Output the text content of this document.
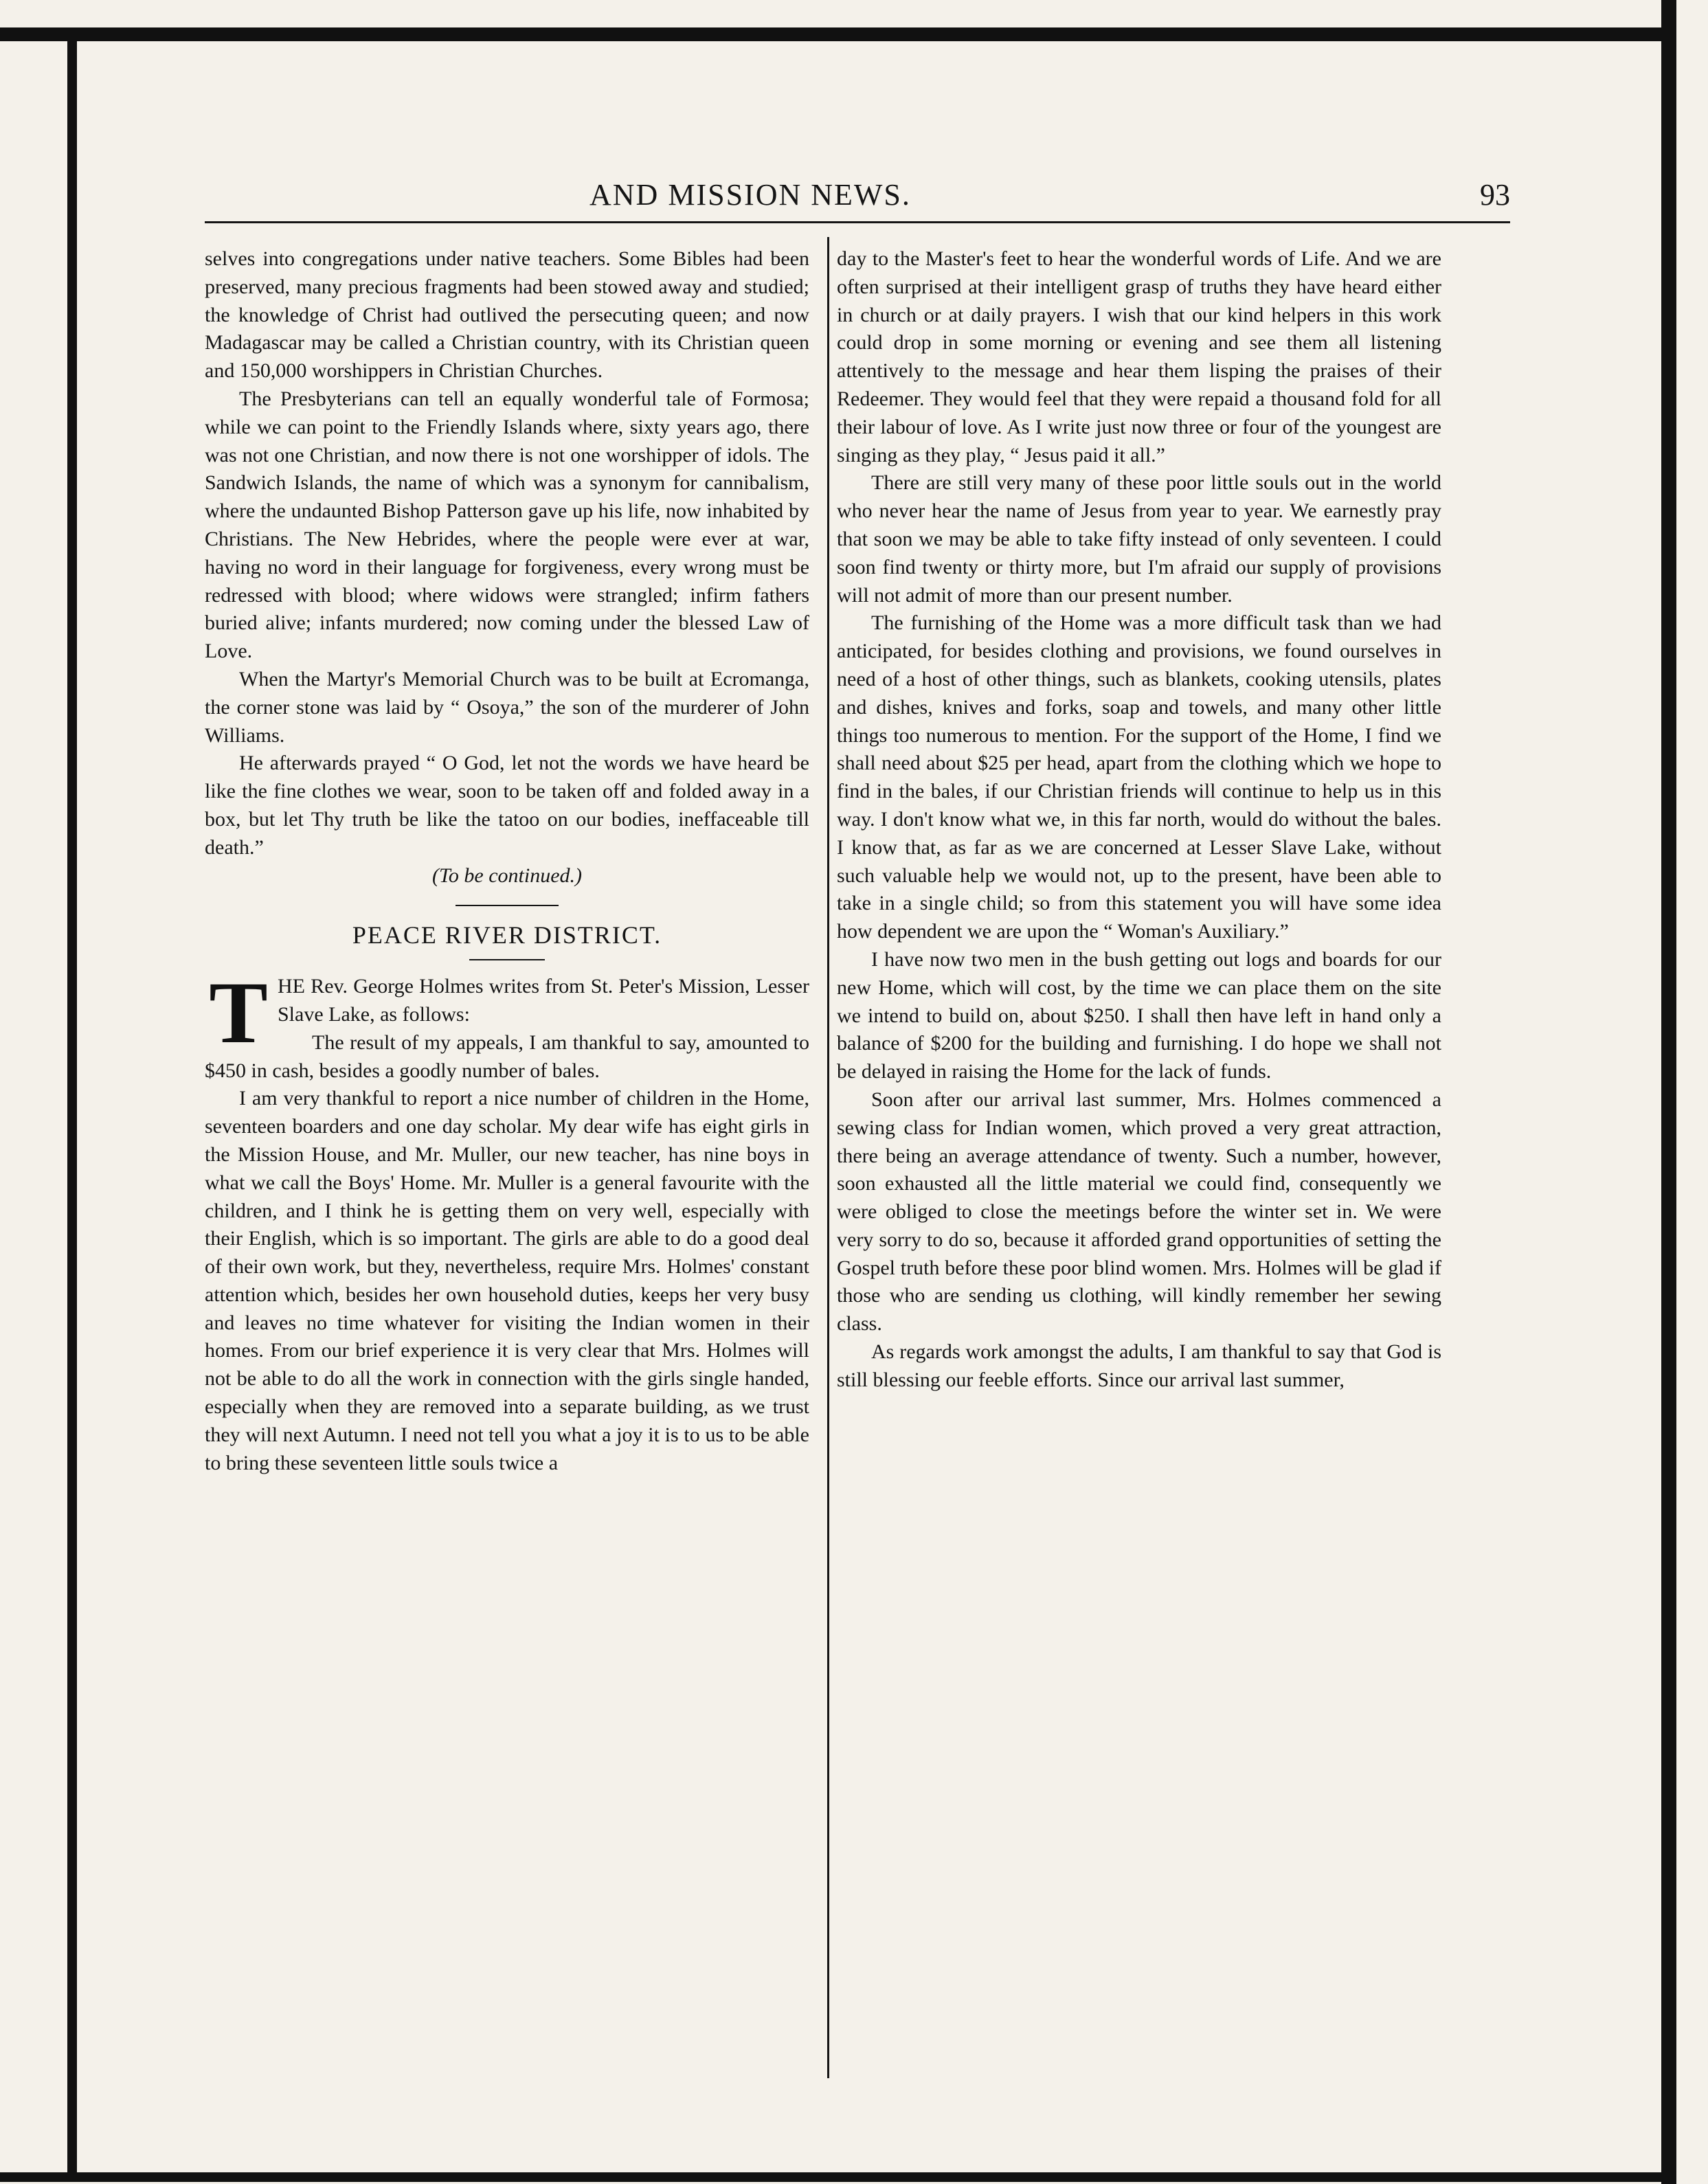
AND MISSION NEWS.	93

selves into congregations under native teachers. Some Bibles had been preserved, many precious fragments had been stowed away and studied; the knowledge of Christ had outlived the persecuting queen; and now Madagascar may be called a Christian country, with its Christian queen and 150,000 worshippers in Christian Churches.

The Presbyterians can tell an equally wonderful tale of Formosa; while we can point to the Friendly Islands where, sixty years ago, there was not one Christian, and now there is not one worshipper of idols. The Sandwich Islands, the name of which was a synonym for cannibalism, where the undaunted Bishop Patterson gave up his life, now inhabited by Christians. The New Hebrides, where the people were ever at war, having no word in their language for forgiveness, every wrong must be redressed with blood; where widows were strangled; infirm fathers buried alive; infants murdered; now coming under the blessed Law of Love.

When the Martyr's Memorial Church was to be built at Ecromanga, the corner stone was laid by “ Osoya,” the son of the murderer of John Williams.

He afterwards prayed “ O God, let not the words we have heard be like the fine clothes we wear, soon to be taken off and folded away in a box, but let Thy truth be like the tatoo on our bodies, ineffaceable till death.”

(To be continued.)

PEACE RIVER DISTRICT.

THE Rev. George Holmes writes from St. Peter's Mission, Lesser Slave Lake, as follows:

The result of my appeals, I am thankful to say, amounted to $450 in cash, besides a goodly number of bales.

I am very thankful to report a nice number of children in the Home, seventeen boarders and one day scholar. My dear wife has eight girls in the Mission House, and Mr. Muller, our new teacher, has nine boys in what we call the Boys' Home. Mr. Muller is a general favourite with the children, and I think he is getting them on very well, especially with their English, which is so important. The girls are able to do a good deal of their own work, but they, nevertheless, require Mrs. Holmes' constant attention which, besides her own household duties, keeps her very busy and leaves no time whatever for visiting the Indian women in their homes. From our brief experience it is very clear that Mrs. Holmes will not be able to do all the work in connection with the girls single handed, especially when they are removed into a separate building, as we trust they will next Autumn. I need not tell you what a joy it is to us to be able to bring these seventeen little souls twice a

day to the Master's feet to hear the wonderful words of Life. And we are often surprised at their intelligent grasp of truths they have heard either in church or at daily prayers. I wish that our kind helpers in this work could drop in some morning or evening and see them all listening attentively to the message and hear them lisping the praises of their Redeemer. They would feel that they were repaid a thousand fold for all their labour of love. As I write just now three or four of the youngest are singing as they play, “ Jesus paid it all.”

There are still very many of these poor little souls out in the world who never hear the name of Jesus from year to year. We earnestly pray that soon we may be able to take fifty instead of only seventeen. I could soon find twenty or thirty more, but I'm afraid our supply of provisions will not admit of more than our present number.

The furnishing of the Home was a more difficult task than we had anticipated, for besides clothing and provisions, we found ourselves in need of a host of other things, such as blankets, cooking utensils, plates and dishes, knives and forks, soap and towels, and many other little things too numerous to mention. For the support of the Home, I find we shall need about $25 per head, apart from the clothing which we hope to find in the bales, if our Christian friends will continue to help us in this way. I don't know what we, in this far north, would do without the bales. I know that, as far as we are concerned at Lesser Slave Lake, without such valuable help we would not, up to the present, have been able to take in a single child; so from this statement you will have some idea how dependent we are upon the “ Woman's Auxiliary.”

I have now two men in the bush getting out logs and boards for our new Home, which will cost, by the time we can place them on the site we intend to build on, about $250. I shall then have left in hand only a balance of $200 for the building and furnishing. I do hope we shall not be delayed in raising the Home for the lack of funds.

Soon after our arrival last summer, Mrs. Holmes commenced a sewing class for Indian women, which proved a very great attraction, there being an average attendance of twenty. Such a number, however, soon exhausted all the little material we could find, consequently we were obliged to close the meetings before the winter set in. We were very sorry to do so, because it afforded grand opportunities of setting the Gospel truth before these poor blind women. Mrs. Holmes will be glad if those who are sending us clothing, will kindly remember her sewing class.

As regards work amongst the adults, I am thankful to say that God is still blessing our feeble efforts. Since our arrival last summer,
